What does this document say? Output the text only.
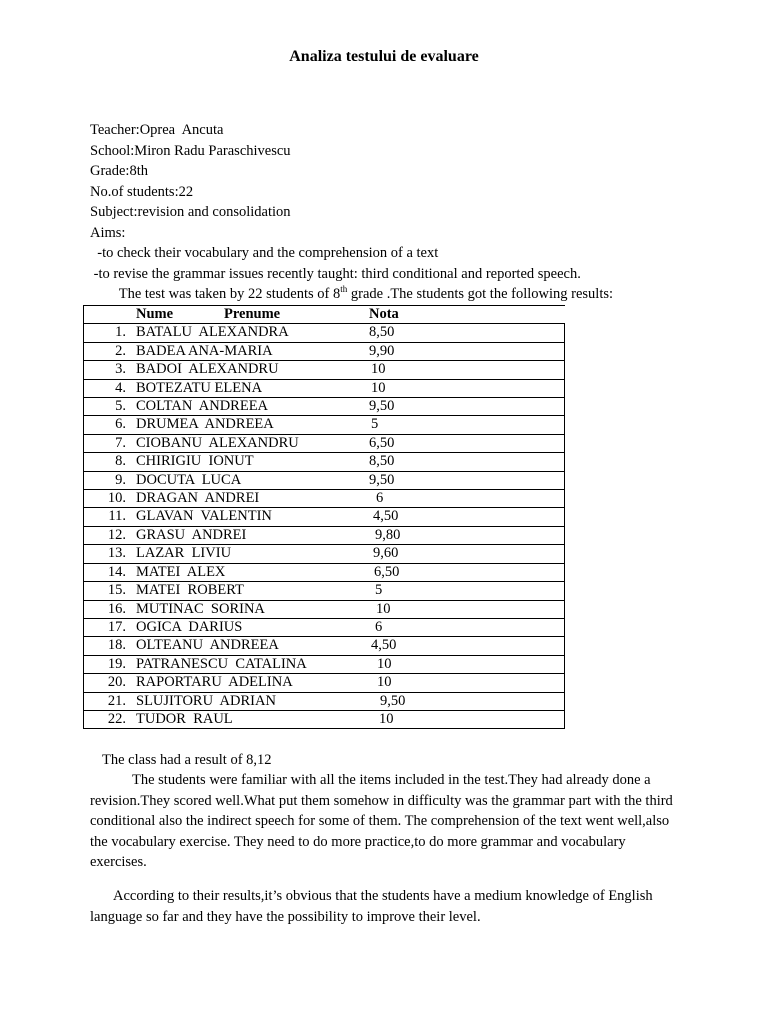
Analiza testului de evaluare
Teacher:Oprea  Ancuta
School:Miron Radu Paraschivescu
Grade:8th
No.of students:22
Subject:revision and consolidation
Aims:
-to check their vocabulary and the comprehension of a text
-to revise the grammar issues recently taught: third conditional and reported speech.
The test was taken by 22 students of 8th grade .The students got the following results:
Nume	Prenume	Nota

1. BATALU  ALEXANDRA	8,50

2. BADEA ANA-MARIA	9,90

3. BADOI  ALEXANDRU	10

4. BOTEZATU ELENA	10

5. COLTAN  ANDREEA	9,50

6. DRUMEA  ANDREEA	5

7. CIOBANU  ALEXANDRU	6,50

8. CHIRIGIU  IONUT	8,50

9. DOCUTA  LUCA	9,50

10. DRAGAN  ANDREI	6

11. GLAVAN  VALENTIN	4,50

12. GRASU  ANDREI	9,80

13. LAZAR  LIVIU	9,60

14. MATEI  ALEX	6,50

15. MATEI  ROBERT	5

16. MUTINAC  SORINA	10

17. OGICA  DARIUS	6

18. OLTEANU  ANDREEA	4,50

19. PATRANESCU  CATALINA	10

20. RAPORTARU  ADELINA	10

21. SLUJITORU  ADRIAN	9,50

22. TUDOR  RAUL	10
The class had a result of 8,12
The students were familiar with all the items included in the test.They had already done a revision.They scored well.What put them somehow in difficulty was the grammar part with the third conditional also the indirect speech for some of them. The comprehension of the text went well,also the vocabulary exercise. They need to do more practice,to do more grammar and vocabulary exercises.
According to their results,it’s obvious that the students have a medium knowledge of English language so far and they have the possibility to improve their level.
